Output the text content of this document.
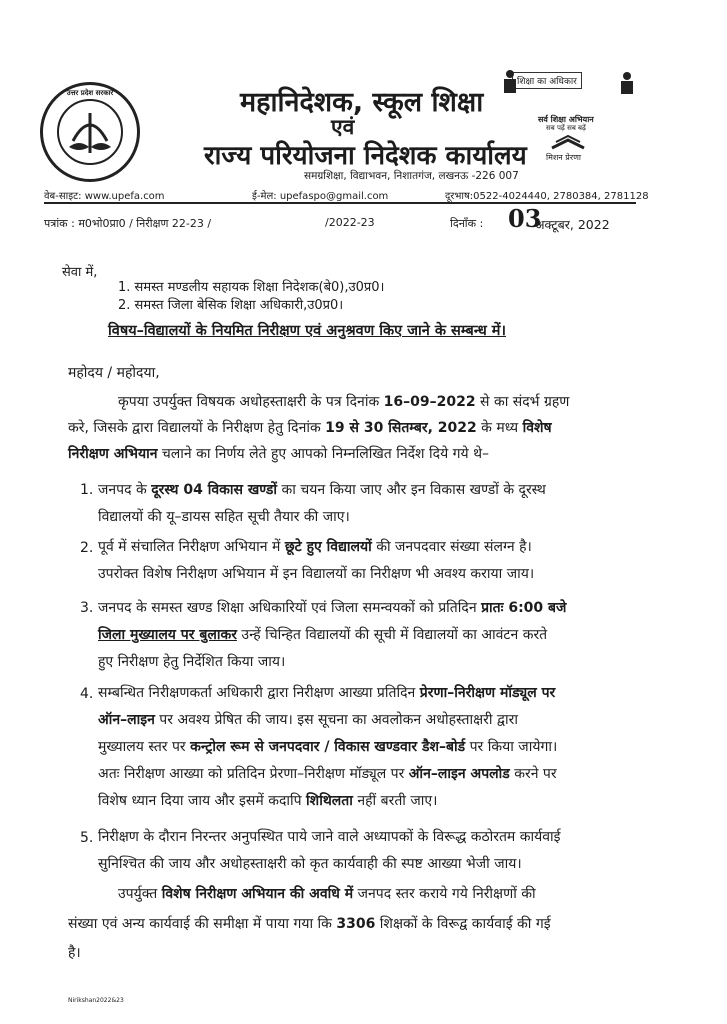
उत्तर प्रदेश सरकार	महानिदेशक, स्कूल शिक्षा
एवं
राज्य परियोजना निदेशक कार्यालय
समग्रशिक्षा, विद्याभवन, निशातगंज, लखनऊ -226 007
शिक्षा का अधिकार
सर्व शिक्षा अभियान
सब पढ़ें सब बढ़ें
मिशन प्रेरणा
वेब-साइट: www.upefa.com	ई-मेल: upefaspo@gmail.com	दूरभाष:0522-4024440, 2780384, 2781128
पत्रांक : म0भो0प्रा0 / निरीक्षण 22-23 /	/2022-23	दिनाँक : 03
अक्टूबर, 2022
सेवा में,
1. समस्त मण्डलीय सहायक शिक्षा निदेशक(बे0),उ0प्र0।
2. समस्त जिला बेसिक शिक्षा अधिकारी,उ0प्र0।
विषय–विद्यालयों के नियमित निरीक्षण एवं अनुश्रवण किए जाने के सम्बन्ध में।
महोदय / महोदया,
कृपया उपर्युक्त विषयक अधोहस्ताक्षरी के पत्र दिनांक 16–09–2022 से का संदर्भ ग्रहण
करे, जिसके द्वारा विद्यालयों के निरीक्षण हेतु दिनांक 19 से 30 सितम्बर, 2022 के मध्य विशेष
निरीक्षण अभियान चलाने का निर्णय लेते हुए आपको निम्नलिखित निर्देश दिये गये थे–
1. जनपद के दूरस्थ 04 विकास खण्डों का चयन किया जाए और इन विकास खण्डों के दूरस्थ
विद्यालयों की यू–डायस सहित सूची तैयार की जाए।
2. पूर्व में संचालित निरीक्षण अभियान में छूटे हुए विद्यालयों की जनपदवार संख्या संलग्न है।
उपरोक्त विशेष निरीक्षण अभियान में इन विद्यालयों का निरीक्षण भी अवश्य कराया जाय।
3. जनपद के समस्त खण्ड शिक्षा अधिकारियों एवं जिला समन्वयकों को प्रतिदिन प्रातः 6:00 बजे
जिला मुख्यालय पर बुलाकर उन्हें चिन्हित विद्यालयों की सूची में विद्यालयों का आवंटन करते
हुए निरीक्षण हेतु निर्देशित किया जाय।
4. सम्बन्धित निरीक्षणकर्ता अधिकारी द्वारा निरीक्षण आख्या प्रतिदिन प्रेरणा–निरीक्षण मॉड्यूल पर
ऑन–लाइन पर अवश्य प्रेषित की जाय। इस सूचना का अवलोकन अधोहस्ताक्षरी द्वारा
मुख्यालय स्तर पर कन्ट्रोल रूम से जनपदवार / विकास खण्डवार डैश–बोर्ड पर किया जायेगा।
अतः निरीक्षण आख्या को प्रतिदिन प्रेरणा–निरीक्षण मॉड्यूल पर ऑन–लाइन अपलोड करने पर
विशेष ध्यान दिया जाय और इसमें कदापि शिथिलता नहीं बरती जाए।
5. निरीक्षण के दौरान निरन्तर अनुपस्थित पाये जाने वाले अध्यापकों के विरूद्ध कठोरतम कार्यवाई
सुनिश्चित की जाय और अधोहस्ताक्षरी को कृत कार्यवाही की स्पष्ट आख्या भेजी जाय।
उपर्युक्त विशेष निरीक्षण अभियान की अवधि में जनपद स्तर कराये गये निरीक्षणों की
संख्या एवं अन्य कार्यवाई की समीक्षा में पाया गया कि 3306 शिक्षकों के विरूद्व कार्यवाई की गई
है।
Nirikshan2022&23
